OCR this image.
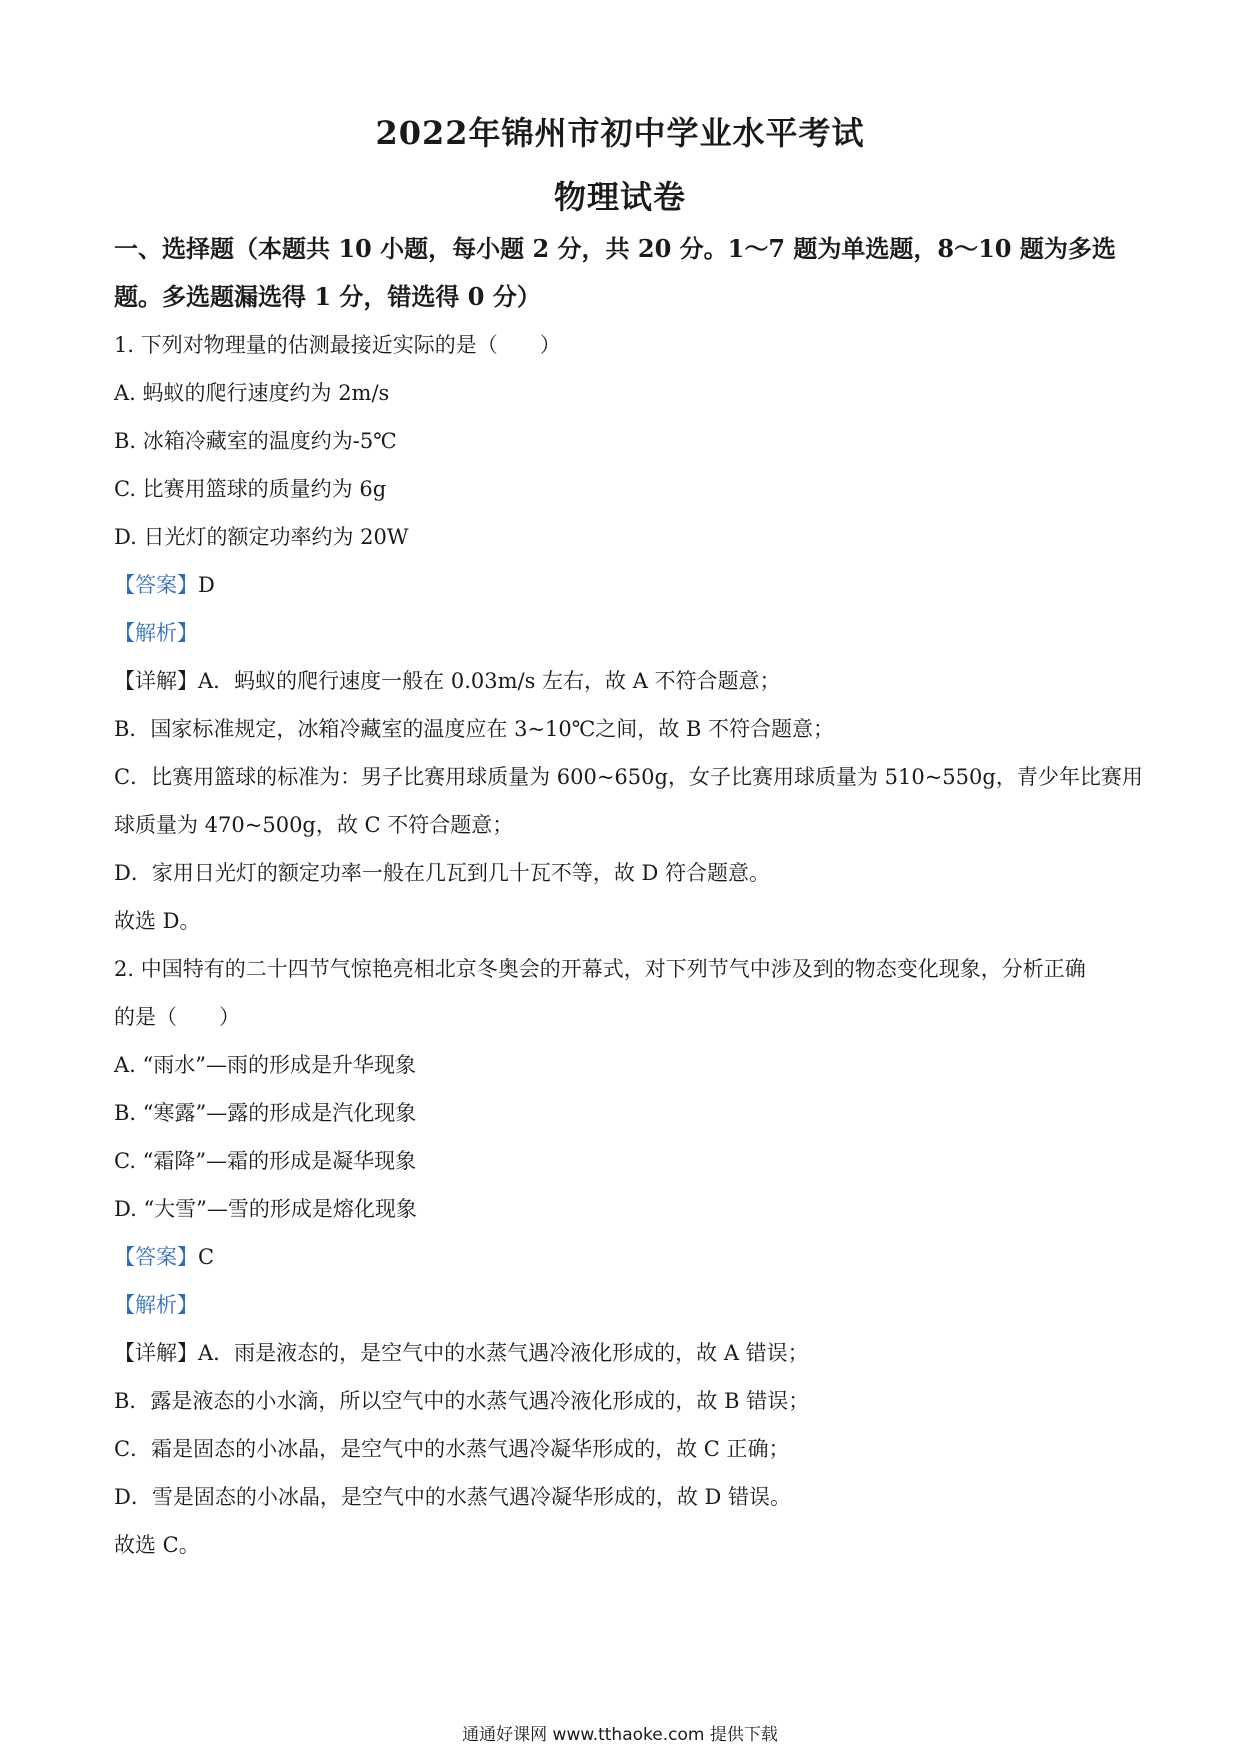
2022年锦州市初中学业水平考试
物理试卷
一、选择题（本题共 10 小题，每小题 2 分，共 20 分。1～7 题为单选题，8～10 题为多选
题。多选题漏选得 1 分，错选得 0 分）
1. 下列对物理量的估测最接近实际的是（　　）
A. 蚂蚁的爬行速度约为 2m/s
B. 冰箱冷藏室的温度约为-5℃
C. 比赛用篮球的质量约为 6g
D. 日光灯的额定功率约为 20W
【答案】D
【解析】
【详解】A．蚂蚁的爬行速度一般在 0.03m/s 左右，故 A 不符合题意；
B．国家标准规定，冰箱冷藏室的温度应在 3~10℃之间，故 B 不符合题意；
C．比赛用篮球的标准为：男子比赛用球质量为 600~650g，女子比赛用球质量为 510~550g，青少年比赛用
球质量为 470~500g，故 C 不符合题意；
D．家用日光灯的额定功率一般在几瓦到几十瓦不等，故 D 符合题意。
故选 D。
2. 中国特有的二十四节气惊艳亮相北京冬奥会的开幕式，对下列节气中涉及到的物态变化现象，分析正确
的是（　　）
A. “雨水”—雨的形成是升华现象
B. “寒露”—露的形成是汽化现象
C. “霜降”—霜的形成是凝华现象
D. “大雪”—雪的形成是熔化现象
【答案】C
【解析】
【详解】A．雨是液态的，是空气中的水蒸气遇冷液化形成的，故 A 错误；
B．露是液态的小水滴，所以空气中的水蒸气遇冷液化形成的，故 B 错误；
C．霜是固态的小冰晶，是空气中的水蒸气遇冷凝华形成的，故 C 正确；
D．雪是固态的小冰晶，是空气中的水蒸气遇冷凝华形成的，故 D 错误。
故选 C。
通通好课网 www.tthaoke.com 提供下载
